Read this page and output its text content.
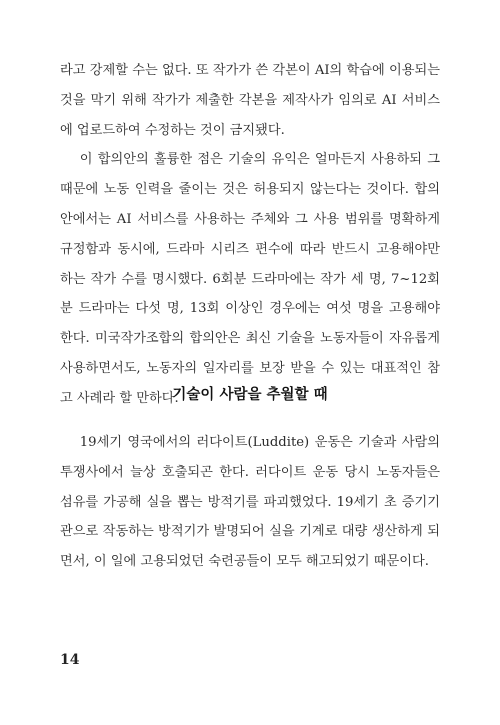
라고 강제할 수는 없다. 또 작가가 쓴 각본이 AI의 학습에 이용되는 것을 막기 위해 작가가 제출한 각본을 제작사가 임의로 AI 서비스에 업로드하여 수정하는 것이 금지됐다.

이 합의안의 훌륭한 점은 기술의 유익은 얼마든지 사용하되 그 때문에 노동 인력을 줄이는 것은 허용되지 않는다는 것이다. 합의안에서는 AI 서비스를 사용하는 주체와 그 사용 범위를 명확하게 규정함과 동시에, 드라마 시리즈 편수에 따라 반드시 고용해야만 하는 작가 수를 명시했다. 6회분 드라마에는 작가 세 명, 7~12회분 드라마는 다섯 명, 13회 이상인 경우에는 여섯 명을 고용해야 한다. 미국작가조합의 합의안은 최신 기술을 노동자들이 자유롭게 사용하면서도, 노동자의 일자리를 보장 받을 수 있는 대표적인 참고 사례라 할 만하다.

기술이 사람을 추월할 때

19세기 영국에서의 러다이트(Luddite) 운동은 기술과 사람의 투쟁사에서 늘상 호출되곤 한다. 러다이트 운동 당시 노동자들은 섬유를 가공해 실을 뽑는 방적기를 파괴했었다. 19세기 초 증기기관으로 작동하는 방적기가 발명되어 실을 기계로 대량 생산하게 되면서, 이 일에 고용되었던 숙련공들이 모두 해고되었기 때문이다.

14
